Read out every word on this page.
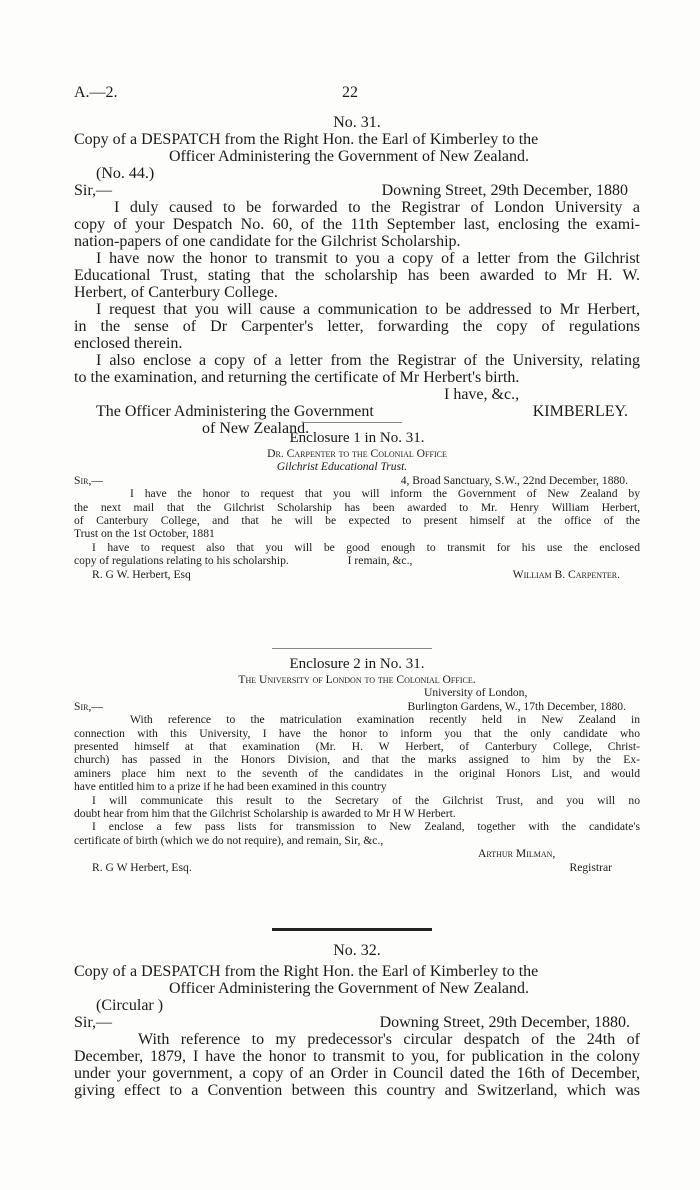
A.—2.	22

No. 31.

Copy of a DESPATCH from the Right Hon. the Earl of Kimberley to the

Officer Administering the Government of New Zealand.

(No. 44.)

Sir,—	Downing Street, 29th December, 1880

I duly caused to be forwarded to the Registrar of London University a

copy of your Despatch No. 60, of the 11th September last, enclosing the exami-

nation-papers of one candidate for the Gilchrist Scholarship.

I have now the honor to transmit to you a copy of a letter from the Gilchrist

Educational Trust, stating that the scholarship has been awarded to Mr H. W.

Herbert, of Canterbury College.

I request that you will cause a communication to be addressed to Mr Herbert,

in the sense of Dr Carpenter's letter, forwarding the copy of regulations

enclosed therein.

I also enclose a copy of a letter from the Registrar of the University, relating

to the examination, and returning the certificate of Mr Herbert's birth.

I have, &c.,

The Officer Administering the Government	KIMBERLEY.

of New Zealand.

Enclosure 1 in No. 31.

Dr. Carpenter to the Colonial Office

Gilchrist Educational Trust.

Sir,—	4, Broad Sanctuary, S.W., 22nd December, 1880.

I have the honor to request that you will inform the Government of New Zealand by

the next mail that the Gilchrist Scholarship has been awarded to Mr. Henry William Herbert,

of Canterbury College, and that he will be expected to present himself at the office of the

Trust on the 1st October, 1881

I have to request also that you will be good enough to transmit for his use the enclosed

copy of regulations relating to his scholarship.	I remain, &c.,
R. G W. Herbert, Esq	William B. Carpenter.

Enclosure 2 in No. 31.

The University of London to the Colonial Office.

University of London,

Sir,—	Burlington Gardens, W., 17th December, 1880.

With reference to the matriculation examination recently held in New Zealand in

connection with this University, I have the honor to inform you that the only candidate who

presented himself at that examination (Mr. H. W Herbert, of Canterbury College, Christ-

church) has passed in the Honors Division, and that the marks assigned to him by the Ex-

aminers place him next to the seventh of the candidates in the original Honors List, and would

have entitled him to a prize if he had been examined in this country

I will communicate this result to the Secretary of the Gilchrist Trust, and you will no

doubt hear from him that the Gilchrist Scholarship is awarded to Mr H W Herbert.

I enclose a few pass lists for transmission to New Zealand, together with the candidate's

certificate of birth (which we do not require), and remain, Sir, &c.,

Arthur Milman,

R. G W Herbert, Esq.	Registrar

No. 32.

Copy of a DESPATCH from the Right Hon. the Earl of Kimberley to the

Officer Administering the Government of New Zealand.

(Circular )

Sir,—	Downing Street, 29th December, 1880.

With reference to my predecessor's circular despatch of the 24th of

December, 1879, I have the honor to transmit to you, for publication in the colony

under your government, a copy of an Order in Council dated the 16th of December,

giving effect to a Convention between this country and Switzerland, which was
